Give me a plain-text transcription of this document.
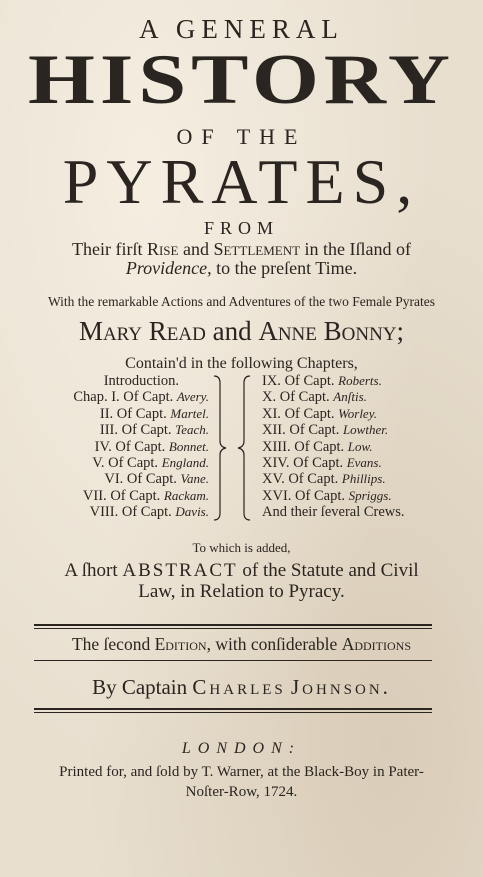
A GENERAL
HISTORY
OF THE
PYRATES,
FROM
Their firſt Rise and Settlement in the Iſland of
Providence, to the preſent Time.
With the remarkable Actions and Adventures of the two Female Pyrates
Mary Read and Anne Bonny;
Contain'd in the following Chapters,
Introduction.
Chap. I. Of Capt. Avery.
II. Of Capt. Martel.
III. Of Capt. Teach.
IV. Of Capt. Bonnet.
V. Of Capt. England.
VI. Of Capt. Vane.
VII. Of Capt. Rackam.
VIII. Of Capt. Davis.
IX. Of Capt. Roberts.
X. Of Capt. Anſtis.
XI. Of Capt. Worley.
XII. Of Capt. Lowther.
XIII. Of Capt. Low.
XIV. Of Capt. Evans.
XV. Of Capt. Phillips.
XVI. Of Capt. Spriggs.
And their ſeveral Crews.
To which is added,
A ſhort ABSTRACT of the Statute and Civil
Law, in Relation to Pyracy.
The ſecond Edition, with conſiderable Additions
By Captain Charles Johnson.
LONDON:
Printed for, and ſold by T. Warner, at the Black-Boy in Pater-
Noſter-Row, 1724.
